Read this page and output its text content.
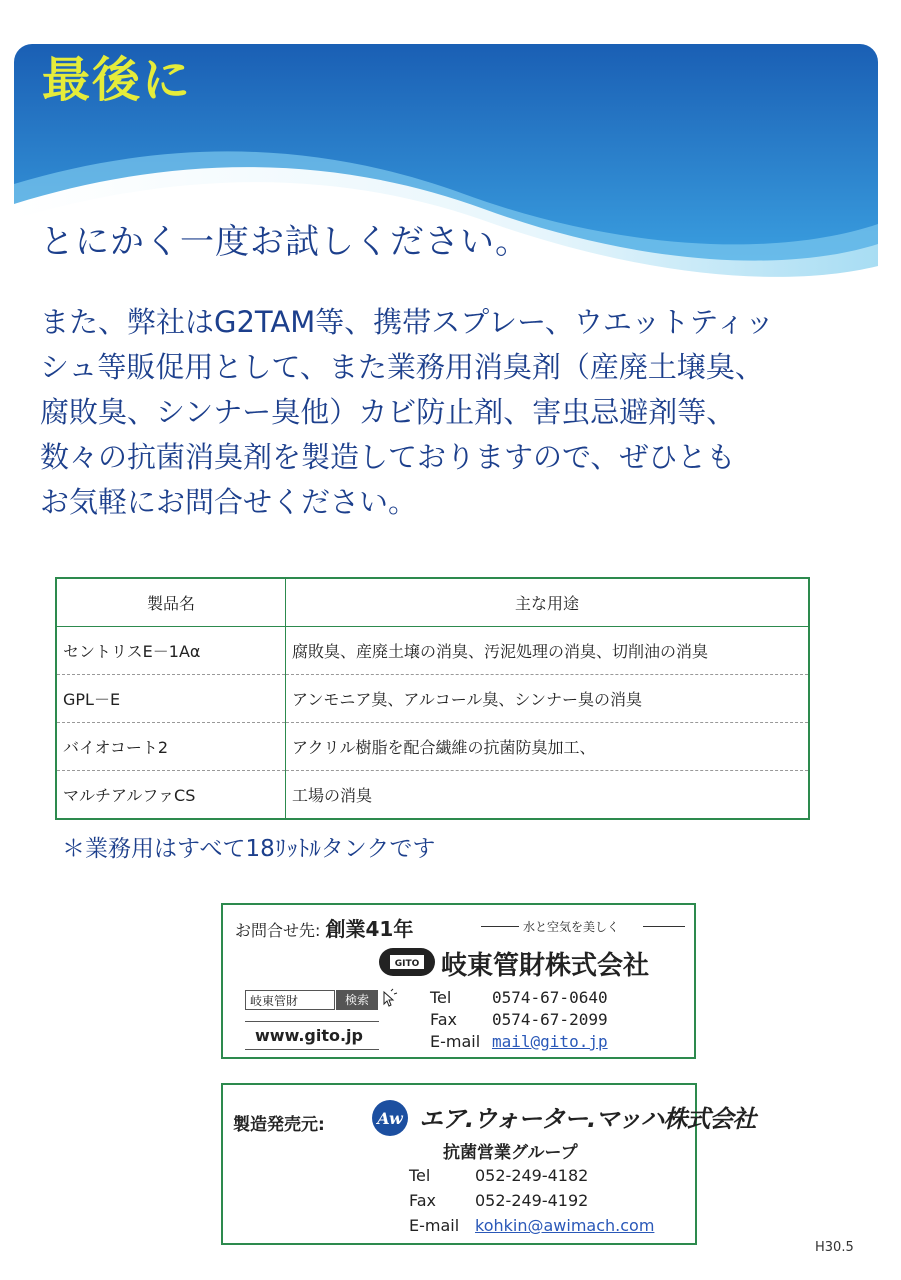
最後に
とにかく一度お試しください。
また、弊社はG2TAM等、携帯スプレー、ウエットティッ
シュ等販促用として、また業務用消臭剤（産廃土壌臭、
腐敗臭、シンナー臭他）カビ防止剤、害虫忌避剤等、
数々の抗菌消臭剤を製造しておりますので、ぜひとも
お気軽にお問合せください。
製品名	主な用途
セントリスE－1Aα	腐敗臭、産廃土壌の消臭、汚泥処理の消臭、切削油の消臭
GPL－E	アンモニア臭、アルコール臭、シンナー臭の消臭
バイオコート2	アクリル樹脂を配合繊維の抗菌防臭加工、
マルチアルファCS	工場の消臭
＊業務用はすべて18ﾘｯﾄﾙタンクです
お問合せ先: 創業41年	水と空気を美しく
GITO 岐東管財株式会社
岐東管財	検索
www.gito.jp
Tel	0574-67-0640
Fax 0574-67-2099
E-mail mail@gito.jp
製造発売元:	Aw エア.ウォーター.マッハ株式会社
抗菌営業グループ
Tel	052-249-4182
Fax 052-249-4192
E-mail kohkin@awimach.com
H30.5
